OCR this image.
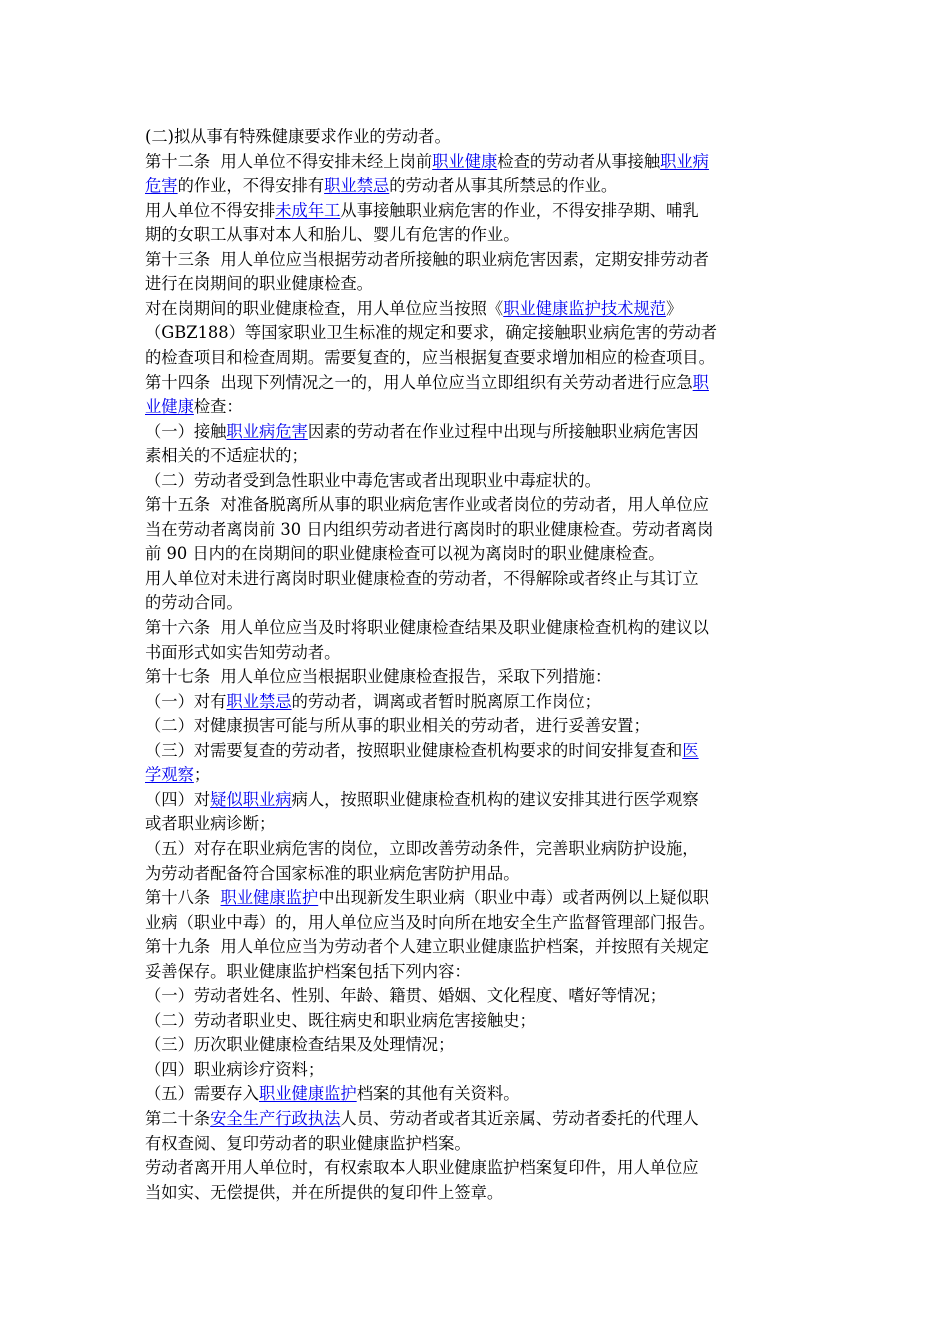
(二)拟从事有特殊健康要求作业的劳动者。

第十二条  用人单位不得安排未经上岗前职业健康检查的劳动者从事接触职业病

危害的作业，不得安排有职业禁忌的劳动者从事其所禁忌的作业。

用人单位不得安排未成年工从事接触职业病危害的作业，不得安排孕期、哺乳

期的女职工从事对本人和胎儿、婴儿有危害的作业。

第十三条  用人单位应当根据劳动者所接触的职业病危害因素，定期安排劳动者

进行在岗期间的职业健康检查。

对在岗期间的职业健康检查，用人单位应当按照《职业健康监护技术规范》

（GBZ188）等国家职业卫生标准的规定和要求，确定接触职业病危害的劳动者

的检查项目和检查周期。需要复查的，应当根据复查要求增加相应的检查项目。

第十四条  出现下列情况之一的，用人单位应当立即组织有关劳动者进行应急职

业健康检查：

（一）接触职业病危害因素的劳动者在作业过程中出现与所接触职业病危害因

素相关的不适症状的；

（二）劳动者受到急性职业中毒危害或者出现职业中毒症状的。

第十五条  对准备脱离所从事的职业病危害作业或者岗位的劳动者，用人单位应

当在劳动者离岗前 30 日内组织劳动者进行离岗时的职业健康检查。劳动者离岗

前 90 日内的在岗期间的职业健康检查可以视为离岗时的职业健康检查。

用人单位对未进行离岗时职业健康检查的劳动者，不得解除或者终止与其订立

的劳动合同。

第十六条  用人单位应当及时将职业健康检查结果及职业健康检查机构的建议以

书面形式如实告知劳动者。

第十七条  用人单位应当根据职业健康检查报告，采取下列措施：

（一）对有职业禁忌的劳动者，调离或者暂时脱离原工作岗位；

（二）对健康损害可能与所从事的职业相关的劳动者，进行妥善安置；

（三）对需要复查的劳动者，按照职业健康检查机构要求的时间安排复查和医

学观察；

（四）对疑似职业病病人，按照职业健康检查机构的建议安排其进行医学观察

或者职业病诊断；

（五）对存在职业病危害的岗位，立即改善劳动条件，完善职业病防护设施，

为劳动者配备符合国家标准的职业病危害防护用品。

第十八条  职业健康监护中出现新发生职业病（职业中毒）或者两例以上疑似职

业病（职业中毒）的，用人单位应当及时向所在地安全生产监督管理部门报告。

第十九条  用人单位应当为劳动者个人建立职业健康监护档案，并按照有关规定

妥善保存。职业健康监护档案包括下列内容：

（一）劳动者姓名、性别、年龄、籍贯、婚姻、文化程度、嗜好等情况；

（二）劳动者职业史、既往病史和职业病危害接触史；

（三）历次职业健康检查结果及处理情况；

（四）职业病诊疗资料；

（五）需要存入职业健康监护档案的其他有关资料。

第二十条安全生产行政执法人员、劳动者或者其近亲属、劳动者委托的代理人

有权查阅、复印劳动者的职业健康监护档案。

劳动者离开用人单位时，有权索取本人职业健康监护档案复印件，用人单位应

当如实、无偿提供，并在所提供的复印件上签章。
